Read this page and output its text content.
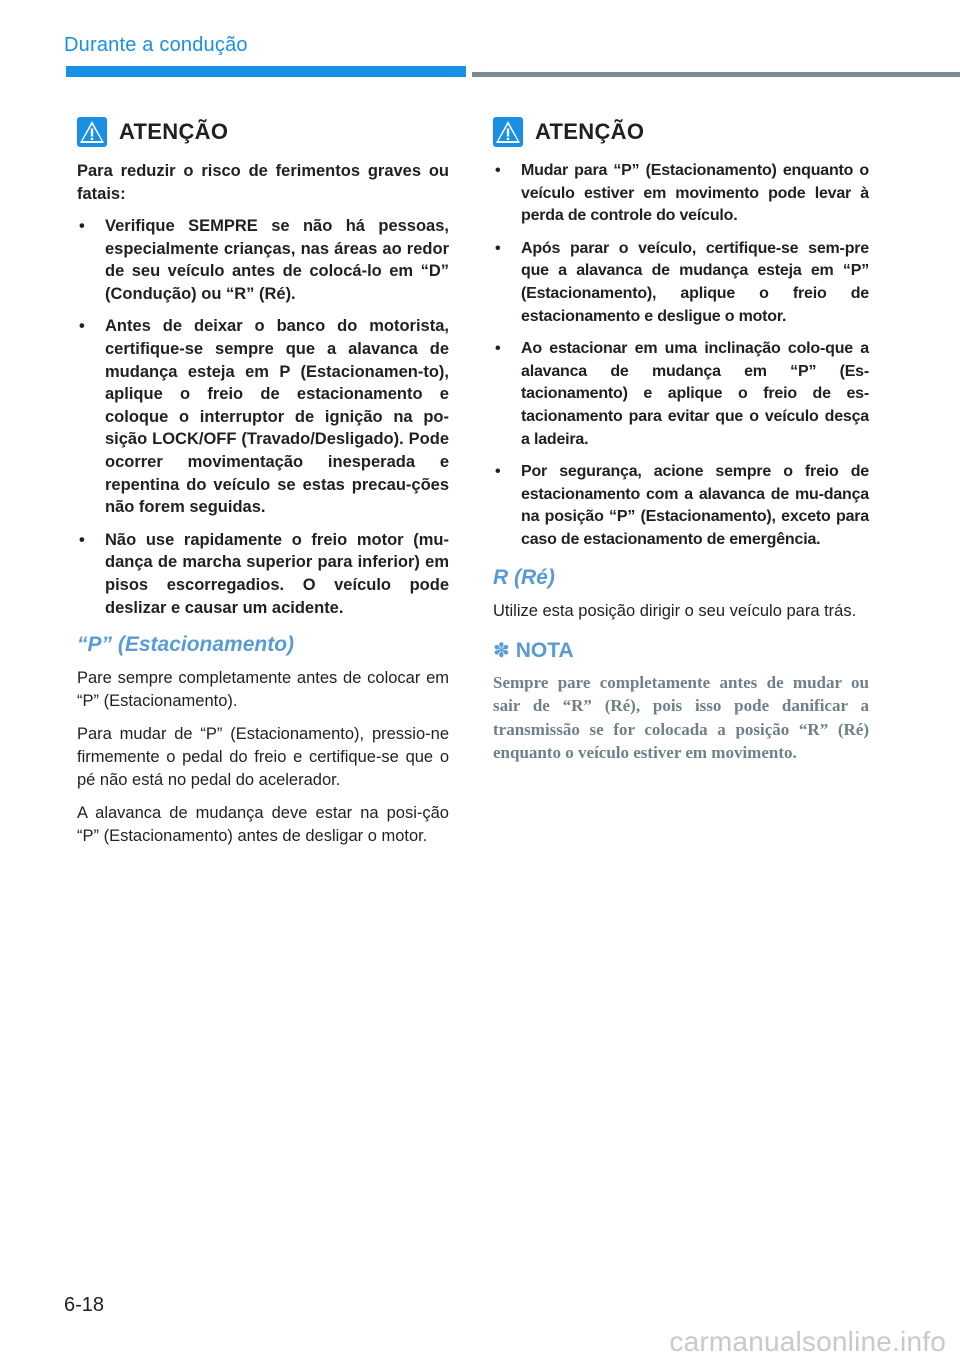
Durante a condução
ATENÇÃO

Para reduzir o risco de ferimentos graves ou fatais:

• Verifique SEMPRE se não há pessoas, especialmente crianças, nas áreas ao redor de seu veículo antes de colocá-lo em “D” (Condução) ou “R” (Ré).
• Antes de deixar o banco do motorista, certifique-se sempre que a alavanca de mudança esteja em P (Estacionamen-to), aplique o freio de estacionamento e coloque o interruptor de ignição na po-sição LOCK/OFF (Travado/Desligado). Pode ocorrer movimentação inesperada e repentina do veículo se estas precau-ções não forem seguidas.
• Não use rapidamente o freio motor (mu-dança de marcha superior para inferior) em pisos escorregadios. O veículo pode deslizar e causar um acidente.
“P” (Estacionamento)

Pare sempre completamente antes de colocar em “P” (Estacionamento).

Para mudar de “P” (Estacionamento), pressio-ne firmemente o pedal do freio e certifique-se que o pé não está no pedal do acelerador.

A alavanca de mudança deve estar na posi-ção “P” (Estacionamento) antes de desligar o motor.

ATENÇÃO
• Mudar para “P” (Estacionamento) enquanto o veículo estiver em movimento pode levar à perda de controle do veículo.
• Após parar o veículo, certifique-se sem-pre que a alavanca de mudança esteja em “P” (Estacionamento), aplique o freio de estacionamento e desligue o motor.
• Ao estacionar em uma inclinação colo-que a alavanca de mudança em “P” (Es-tacionamento) e aplique o freio de es-tacionamento para evitar que o veículo desça a ladeira.
• Por segurança, acione sempre o freio de estacionamento com a alavanca de mu-dança na posição “P” (Estacionamento), exceto para caso de estacionamento de emergência.
R (Ré)

Utilize esta posição dirigir o seu veículo para trás.

✽ NOTA

Sempre pare completamente antes de mudar ou sair de “R” (Ré), pois isso pode danificar a transmissão se for colocada a posição “R” (Ré) enquanto o veículo estiver em movimento.

6-18
carmanualsonline.info
